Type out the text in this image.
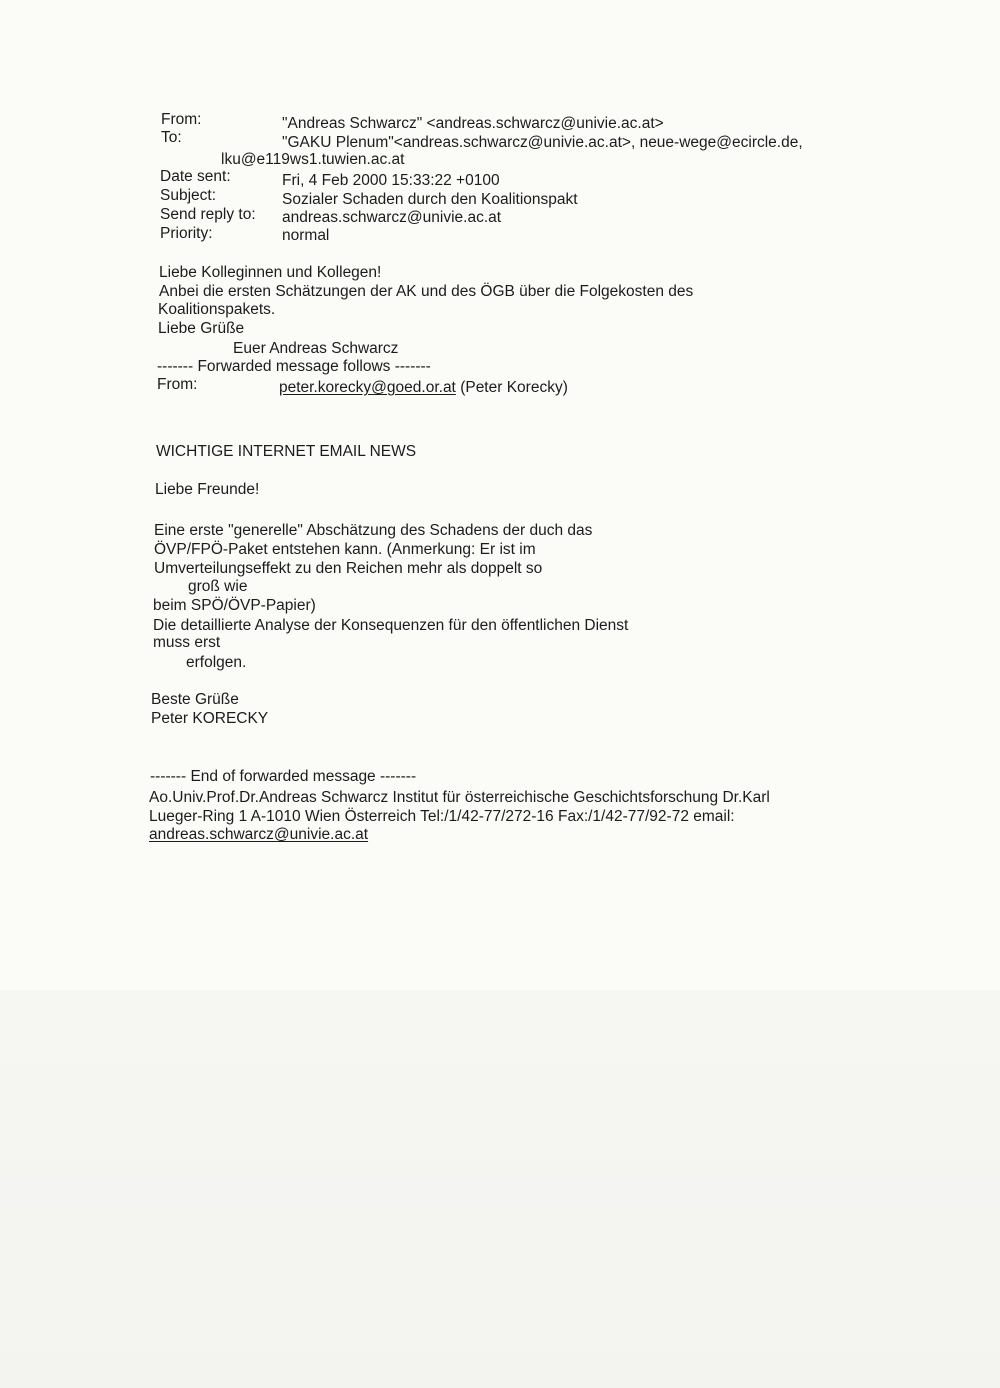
From:	"Andreas Schwarcz" <andreas.schwarcz@univie.ac.at>
To:	"GAKU Plenum"<andreas.schwarcz@univie.ac.at>, neue-wege@ecircle.de,
lku@e119ws1.tuwien.ac.at
Date sent:	Fri, 4 Feb 2000 15:33:22 +0100
Subject:	Sozialer Schaden durch den Koalitionspakt
Send reply to: andreas.schwarcz@univie.ac.at
Priority:	normal
Liebe Kolleginnen und Kollegen!
Anbei die ersten Schätzungen der AK und des ÖGB über die Folgekosten des
Koalitionspakets.
Liebe Grüße
Euer Andreas Schwarcz
------- Forwarded message follows -------
From:	peter.korecky@goed.or.at (Peter Korecky)
WICHTIGE INTERNET EMAIL NEWS
Liebe Freunde!
Eine erste "generelle" Abschätzung des Schadens der duch das
ÖVP/FPÖ-Paket entstehen kann. (Anmerkung: Er ist im
Umverteilungseffekt zu den Reichen mehr als doppelt so
groß wie
beim SPÖ/ÖVP-Papier)
Die detaillierte Analyse der Konsequenzen für den öffentlichen Dienst
muss erst
erfolgen.
Beste Grüße
Peter KORECKY
------- End of forwarded message -------
Ao.Univ.Prof.Dr.Andreas Schwarcz Institut für österreichische Geschichtsforschung Dr.Karl
Lueger-Ring 1 A-1010 Wien Österreich Tel:/1/42-77/272-16 Fax:/1/42-77/92-72 email:
andreas.schwarcz@univie.ac.at
